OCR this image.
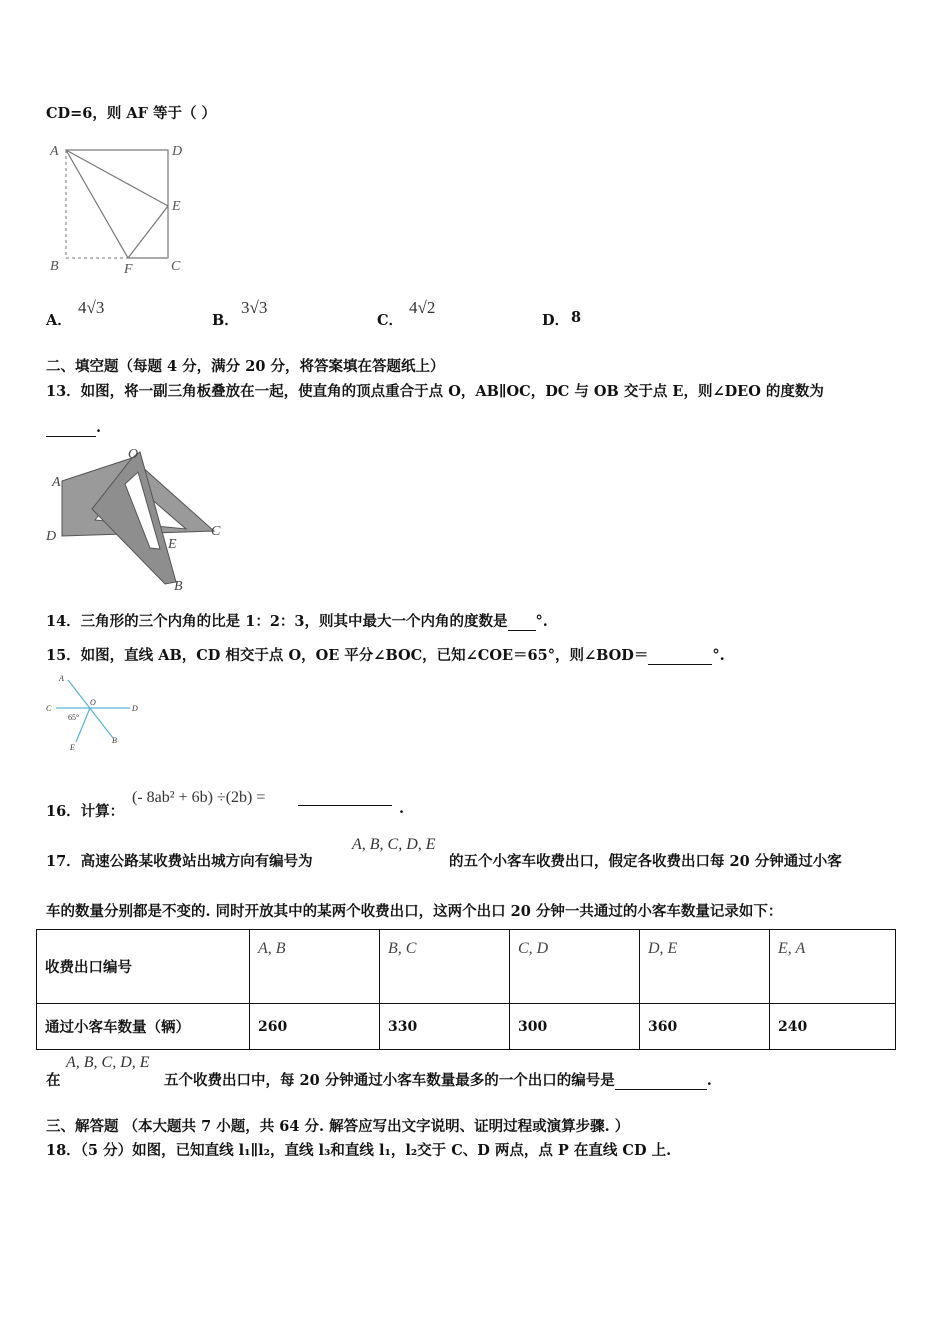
CD=6，则 AF 等于（ ）
A	D
E
B	F	C
A．
4√3
B．
3√3
C．
4√2
D． 8
二、填空题（每题 4 分，满分 20 分，将答案填在答题纸上）
13．如图，将一副三角板叠放在一起，使直角的顶点重合于点 O，AB∥OC，DC 与 OB 交于点 E，则∠DEO 的度数为
.
O
A
D
E
C
B
14．三角形的三个内角的比是 1：2：3，则其中最大一个内角的度数是 °.
15．如图，直线 AB，CD 相交于点 O，OE 平分∠BOC，已知∠COE＝65°，则∠BOD＝	°.
A
O
C	D
65°
E
B
16．计算：
(- 8ab² + 6b) ÷(2b) =
.
17．高速公路某收费站出城方向有编号为
A, B, C, D, E
的五个小客车收费出口，假定各收费出口每 20 分钟通过小客
车的数量分别都是不变的. 同时开放其中的某两个收费出口，这两个出口 20 分钟一共通过的小客车数量记录如下：
收费出口编号	A, B	B, C	C, D	D, E	E, A
通过小客车数量（辆）	260	330	300	360	240
在
A, B, C, D, E
五个收费出口中，每 20 分钟通过小客车数量最多的一个出口的编号是	.
三、解答题 （本大题共 7 小题，共 64 分. 解答应写出文字说明、证明过程或演算步骤. ）
18．（5 分）如图，已知直线 l₁∥l₂，直线 l₃和直线 l₁，l₂交于 C、D 两点，点 P 在直线 CD 上.
